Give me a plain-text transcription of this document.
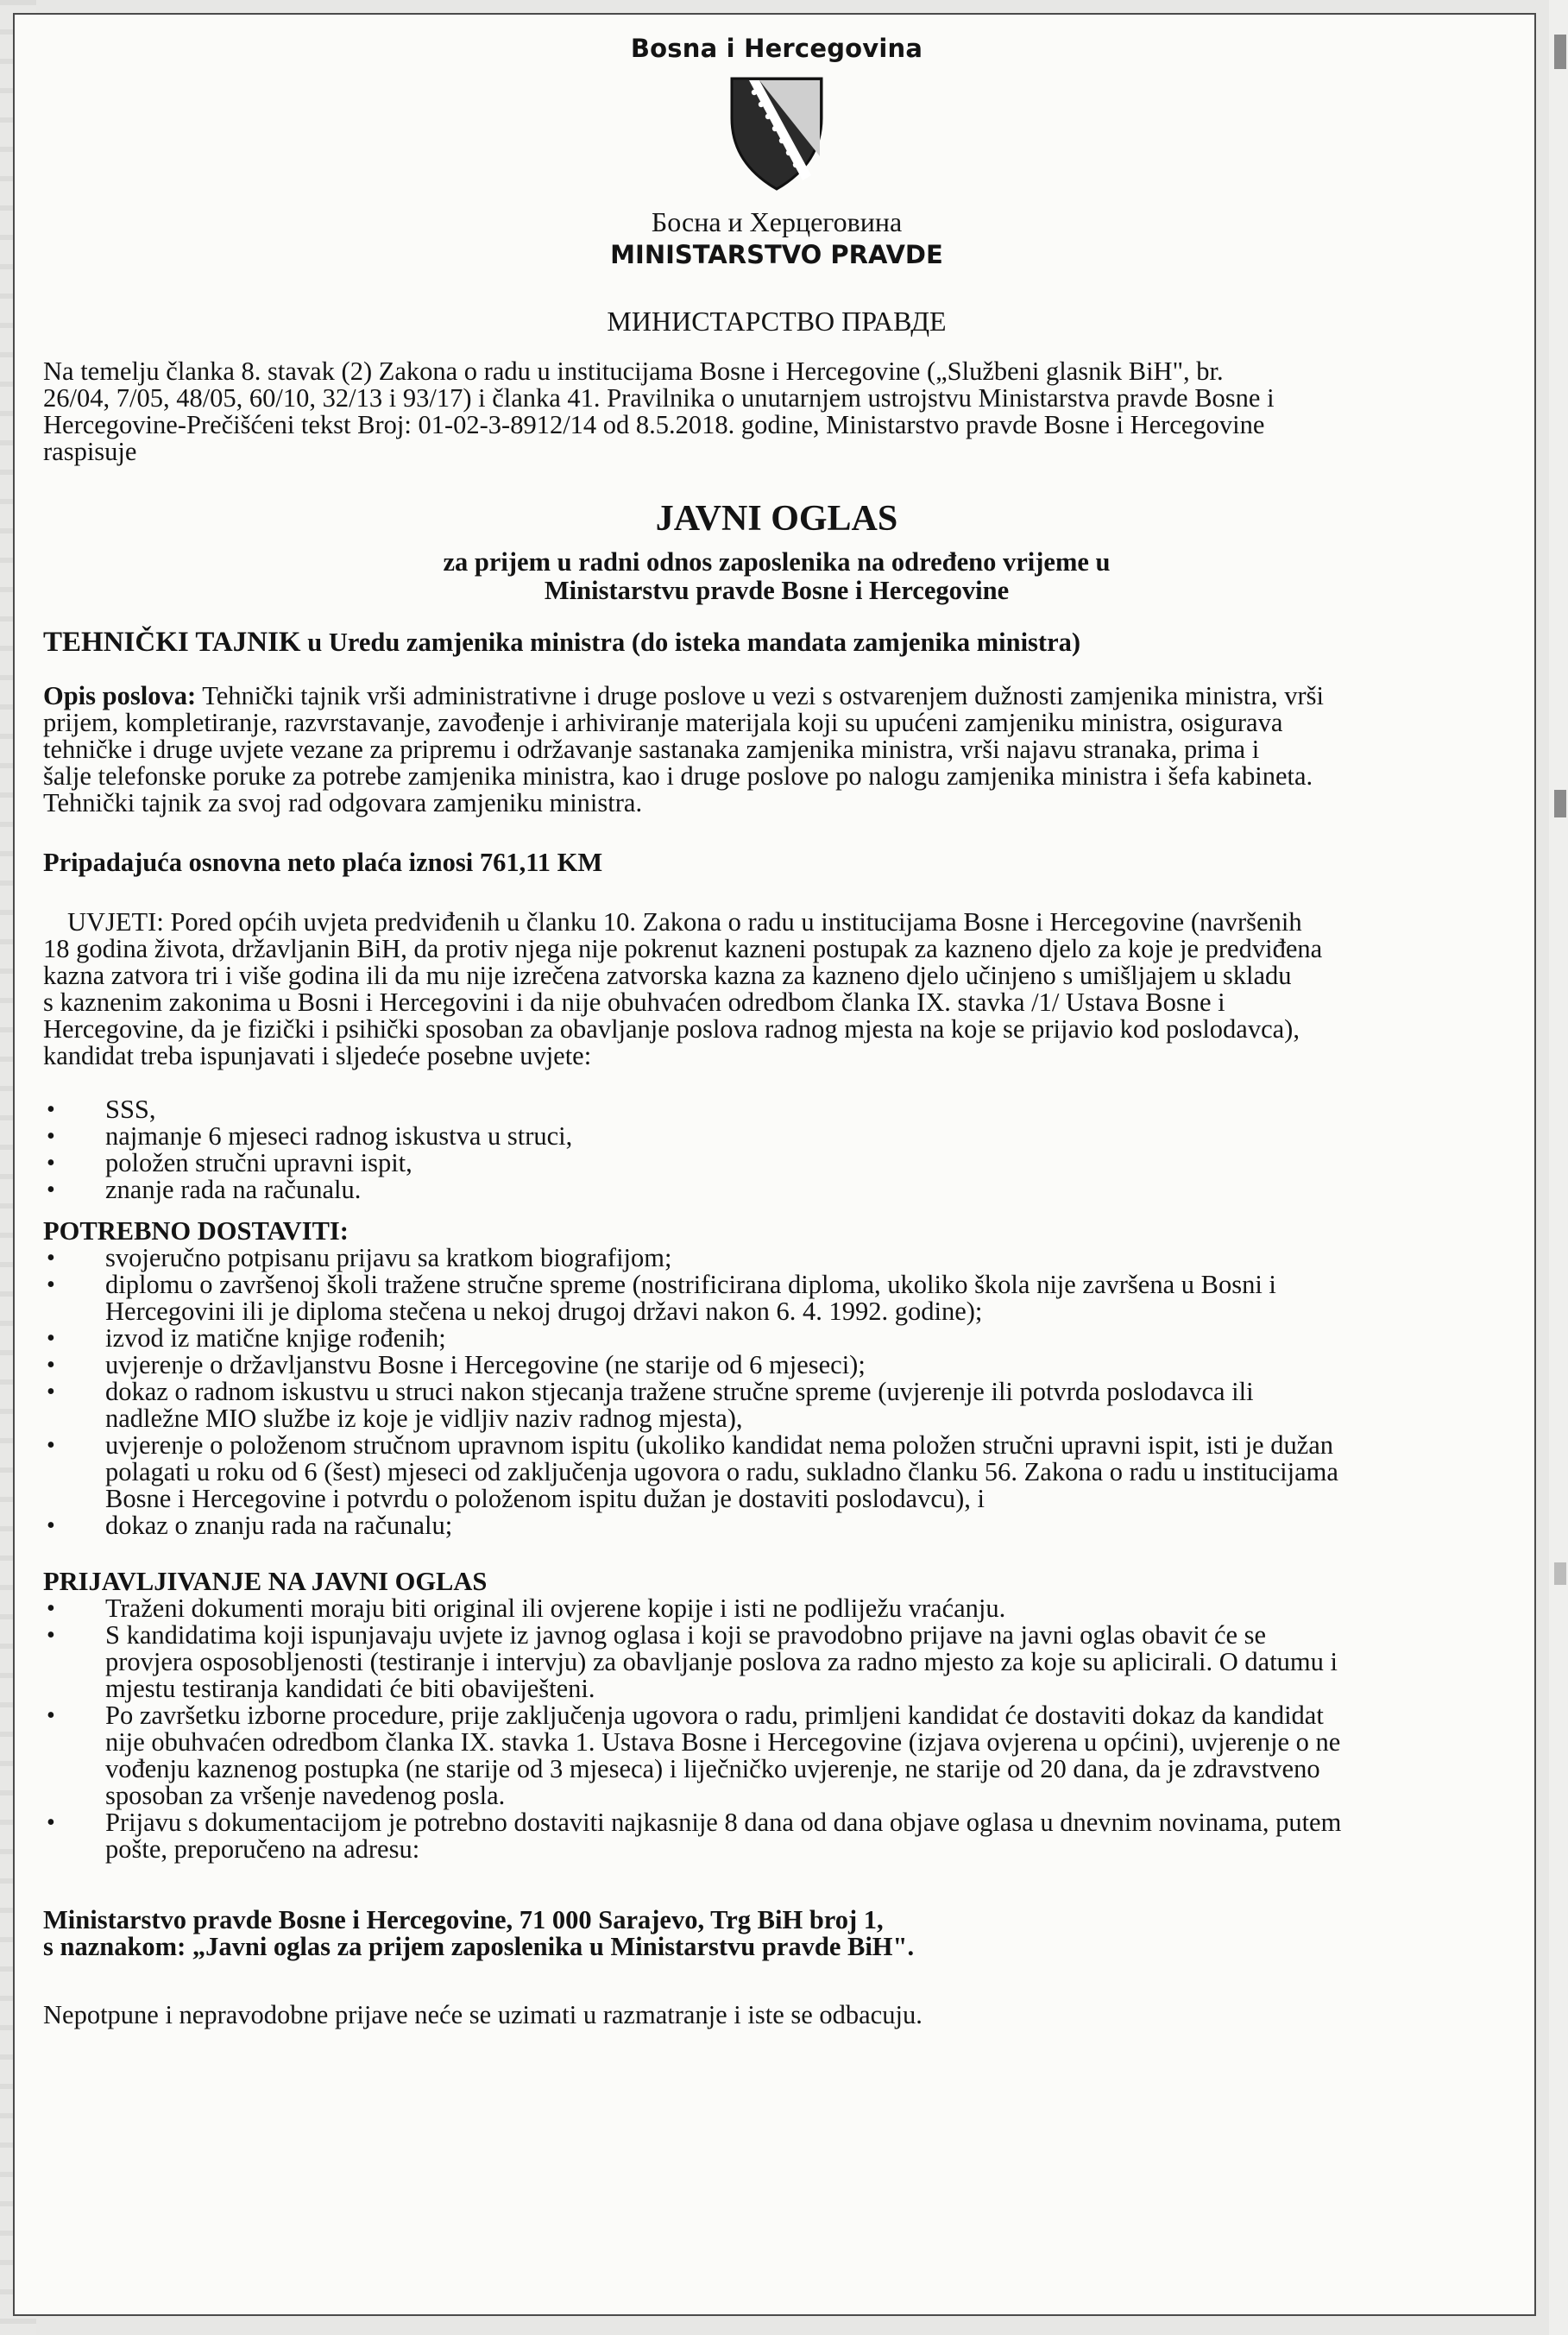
Bosna i Hercegovina
Босна и Херцеговина
MINISTARSTVO PRAVDE
МИНИСТАРСТВО ПРАВДЕ

Na temelju članka 8. stavak (2) Zakona o radu u institucijama Bosne i Hercegovine („Službeni glasnik BiH", br.
26/04, 7/05, 48/05, 60/10, 32/13 i 93/17) i članka 41. Pravilnika o unutarnjem ustrojstvu Ministarstva pravde Bosne i
Hercegovine-Prečišćeni tekst Broj: 01-02-3-8912/14 od 8.5.2018. godine, Ministarstvo pravde Bosne i Hercegovine
raspisuje

JAVNI OGLAS
za prijem u radni odnos zaposlenika na određeno vrijeme u
Ministarstvu pravde Bosne i Hercegovine

TEHNIČKI TAJNIK u Uredu zamjenika ministra (do isteka mandata zamjenika ministra)

Opis poslova: Tehnički tajnik vrši administrativne i druge poslove u vezi s ostvarenjem dužnosti zamjenika ministra, vrši
prijem, kompletiranje, razvrstavanje, zavođenje i arhiviranje materijala koji su upućeni zamjeniku ministra, osigurava
tehničke i druge uvjete vezane za pripremu i održavanje sastanaka zamjenika ministra, vrši najavu stranaka, prima i
šalje telefonske poruke za potrebe zamjenika ministra, kao i druge poslove po nalogu zamjenika ministra i šefa kabineta.
Tehnički tajnik za svoj rad odgovara zamjeniku ministra.

Pripadajuća osnovna neto plaća iznosi 761,11 KM

UVJETI: Pored općih uvjeta predviđenih u članku 10. Zakona o radu u institucijama Bosne i Hercegovine (navršenih
18 godina života, državljanin BiH, da protiv njega nije pokrenut kazneni postupak za kazneno djelo za koje je predviđena
kazna zatvora tri i više godina ili da mu nije izrečena zatvorska kazna za kazneno djelo učinjeno s umišljajem u skladu
s kaznenim zakonima u Bosni i Hercegovini i da nije obuhvaćen odredbom članka IX. stavka /1/ Ustava Bosne i
Hercegovine, da je fizički i psihički sposoban za obavljanje poslova radnog mjesta na koje se prijavio kod poslodavca),
kandidat treba ispunjavati i sljedeće posebne uvjete:

• SSS,
• najmanje 6 mjeseci radnog iskustva u struci,
• položen stručni upravni ispit,
• znanje rada na računalu.

POTREBNO DOSTAVITI:

• svojeručno potpisanu prijavu sa kratkom biografijom;
• diplomu o završenoj školi tražene stručne spreme (nostrificirana diploma, ukoliko škola nije završena u Bosni i
Hercegovini ili je diploma stečena u nekoj drugoj državi nakon 6. 4. 1992. godine);
• izvod iz matične knjige rođenih;
• uvjerenje o državljanstvu Bosne i Hercegovine (ne starije od 6 mjeseci);
• dokaz o radnom iskustvu u struci nakon stjecanja tražene stručne spreme (uvjerenje ili potvrda poslodavca ili
nadležne MIO službe iz koje je vidljiv naziv radnog mjesta),
• uvjerenje o položenom stručnom upravnom ispitu (ukoliko kandidat nema položen stručni upravni ispit, isti je dužan
polagati u roku od 6 (šest) mjeseci od zaključenja ugovora o radu, sukladno članku 56. Zakona o radu u institucijama
Bosne i Hercegovine i potvrdu o položenom ispitu dužan je dostaviti poslodavcu), i
• dokaz o znanju rada na računalu;

PRIJAVLJIVANJE NA JAVNI OGLAS

• Traženi dokumenti moraju biti original ili ovjerene kopije i isti ne podliježu vraćanju.
• S kandidatima koji ispunjavaju uvjete iz javnog oglasa i koji se pravodobno prijave na javni oglas obavit će se
provjera osposobljenosti (testiranje i intervju) za obavljanje poslova za radno mjesto za koje su aplicirali. O datumu i
mjestu testiranja kandidati će biti obaviješteni.
• Po završetku izborne procedure, prije zaključenja ugovora o radu, primljeni kandidat će dostaviti dokaz da kandidat
nije obuhvaćen odredbom članka IX. stavka 1. Ustava Bosne i Hercegovine (izjava ovjerena u općini), uvjerenje o ne
vođenju kaznenog postupka (ne starije od 3 mjeseca) i liječničko uvjerenje, ne starije od 20 dana, da je zdravstveno
sposoban za vršenje navedenog posla.
• Prijavu s dokumentacijom je potrebno dostaviti najkasnije 8 dana od dana objave oglasa u dnevnim novinama, putem
pošte, preporučeno na adresu:

Ministarstvo pravde Bosne i Hercegovine, 71 000 Sarajevo, Trg BiH broj 1,
s naznakom: „Javni oglas za prijem zaposlenika u Ministarstvu pravde BiH".

Nepotpune i nepravodobne prijave neće se uzimati u razmatranje i iste se odbacuju.
